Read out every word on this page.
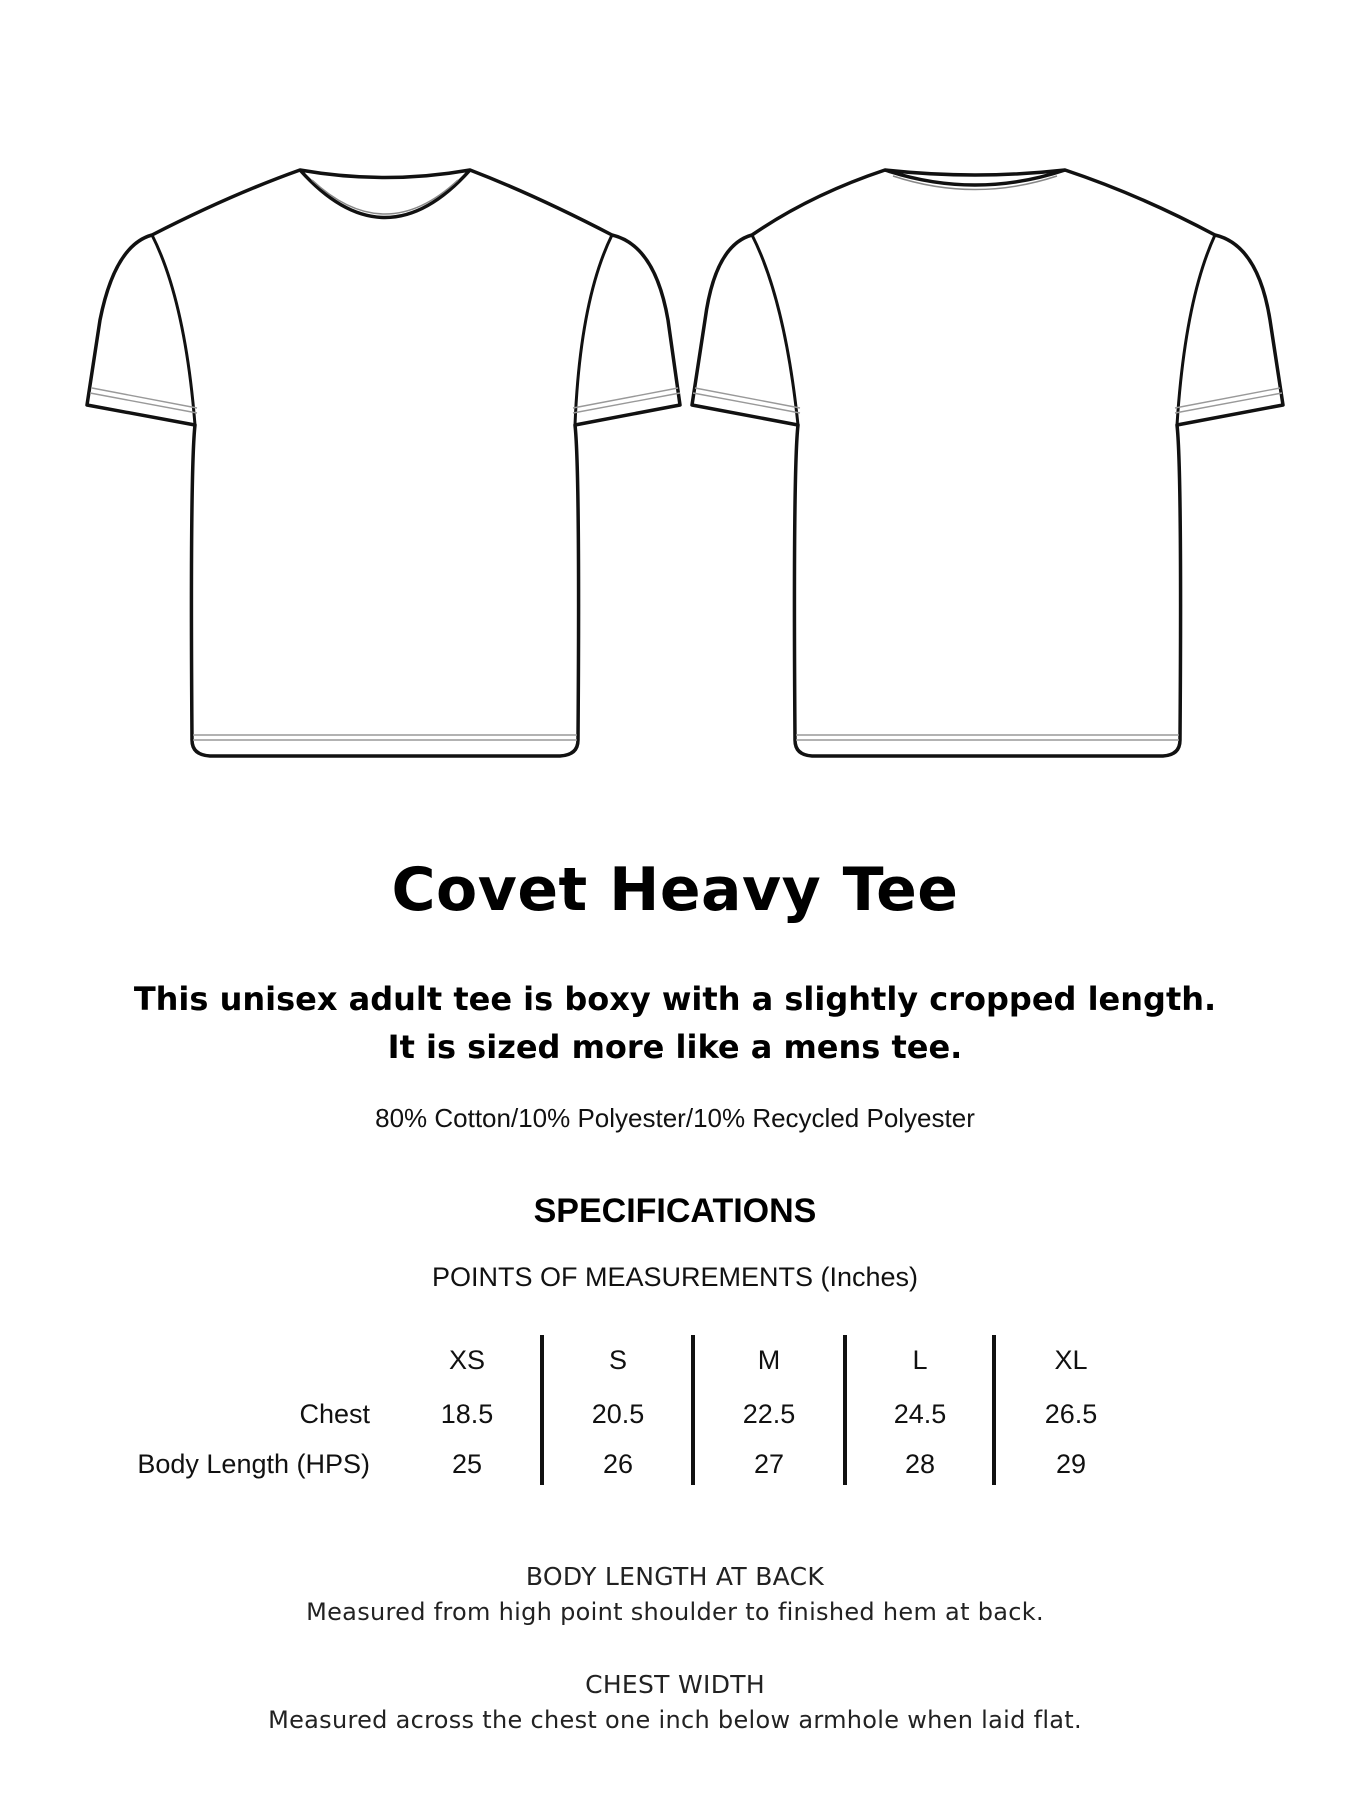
Covet Heavy Tee
This unisex adult tee is boxy with a slightly cropped length.
It is sized more like a mens tee.
80% Cotton/10% Polyester/10% Recycled Polyester
SPECIFICATIONS
POINTS OF MEASUREMENTS (Inches)
XS	S	M	L	XL
Chest	18.5	20.5	22.5	24.5	26.5
Body Length (HPS)	25	26	27	28	29
BODY LENGTH AT BACK
Measured from high point shoulder to finished hem at back.
CHEST WIDTH
Measured across the chest one inch below armhole when laid flat.
